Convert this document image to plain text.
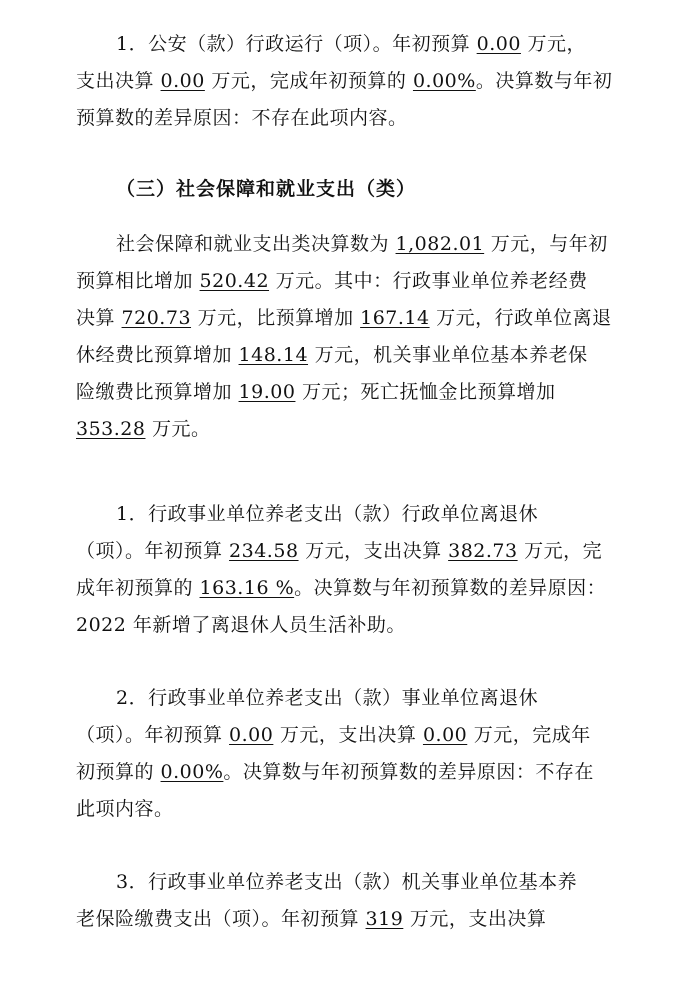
1．公安（款）行政运行（项）。年初预算 0.00 万元，
支出决算 0.00 万元，完成年初预算的 0.00%。决算数与年初
预算数的差异原因：不存在此项内容。
（三）社会保障和就业支出（类）
社会保障和就业支出类决算数为 1,082.01 万元，与年初
预算相比增加 520.42 万元。其中：行政事业单位养老经费
决算 720.73 万元，比预算增加 167.14 万元，行政单位离退
休经费比预算增加 148.14 万元，机关事业单位基本养老保
险缴费比预算增加 19.00 万元；死亡抚恤金比预算增加
353.28 万元。
1．行政事业单位养老支出（款）行政单位离退休
（项）。年初预算 234.58 万元，支出决算 382.73 万元，完
成年初预算的 163.16 %。决算数与年初预算数的差异原因：
2022 年新增了离退休人员生活补助。
2．行政事业单位养老支出（款）事业单位离退休
（项）。年初预算 0.00 万元，支出决算 0.00 万元，完成年
初预算的 0.00%。决算数与年初预算数的差异原因：不存在
此项内容。
3．行政事业单位养老支出（款）机关事业单位基本养
老保险缴费支出（项）。年初预算 319 万元，支出决算
